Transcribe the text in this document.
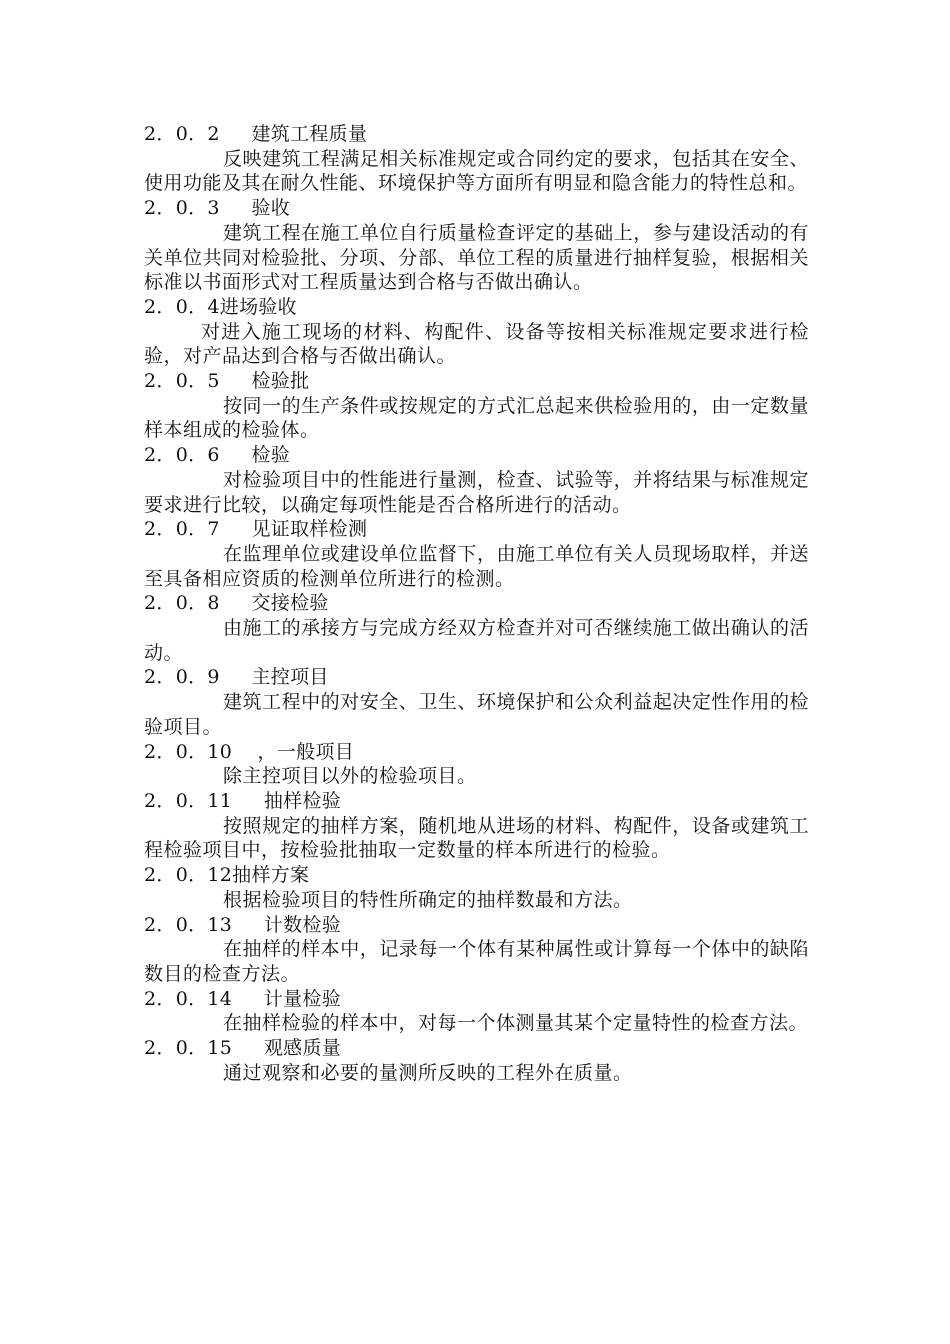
2．0．2 建筑工程质量
反映建筑工程满足相关标准规定或合同约定的要求，包括其在安全、使用功能及其在耐久性能、环境保护等方面所有明显和隐含能力的特性总和。
2．0．3 验收
建筑工程在施工单位自行质量检查评定的基础上，参与建设活动的有关单位共同对检验批、分项、分部、单位工程的质量进行抽样复验，根据相关标准以书面形式对工程质量达到合格与否做出确认。
2．0．4进场验收
对进入施工现场的材料、构配件、设备等按相关标准规定要求进行检验，对产品达到合格与否做出确认。
2．0．5 检验批
按同一的生产条件或按规定的方式汇总起来供检验用的，由一定数量样本组成的检验体。
2．0．6 检验
对检验项目中的性能进行量测，检查、试验等，并将结果与标准规定要求进行比较，以确定每项性能是否合格所进行的活动。
2．0．7 见证取样检测
在监理单位或建设单位监督下，由施工单位有关人员现场取样，并送至具备相应资质的检测单位所进行的检测。
2．0．8 交接检验
由施工的承接方与完成方经双方检查并对可否继续施工做出确认的活动。
2．0．9 主控项目
建筑工程中的对安全、卫生、环境保护和公众利益起决定性作用的检验项目。
2．0．10 ，一般项目
除主控项目以外的检验项目。
2．0．11 抽样检验
按照规定的抽样方案，随机地从进场的材料、构配件，设备或建筑工程检验项目中，按检验批抽取一定数量的样本所进行的检验。
2．0．12抽样方案
根据检验项目的特性所确定的抽样数最和方法。
2．0．13 计数检验
在抽样的样本中，记录每一个体有某种属性或计算每一个体中的缺陷数目的检查方法。
2．0．14 计量检验
在抽样检验的样本中，对每一个体测量其某个定量特性的检查方法。
2．0．15 观感质量
通过观察和必要的量测所反映的工程外在质量。
